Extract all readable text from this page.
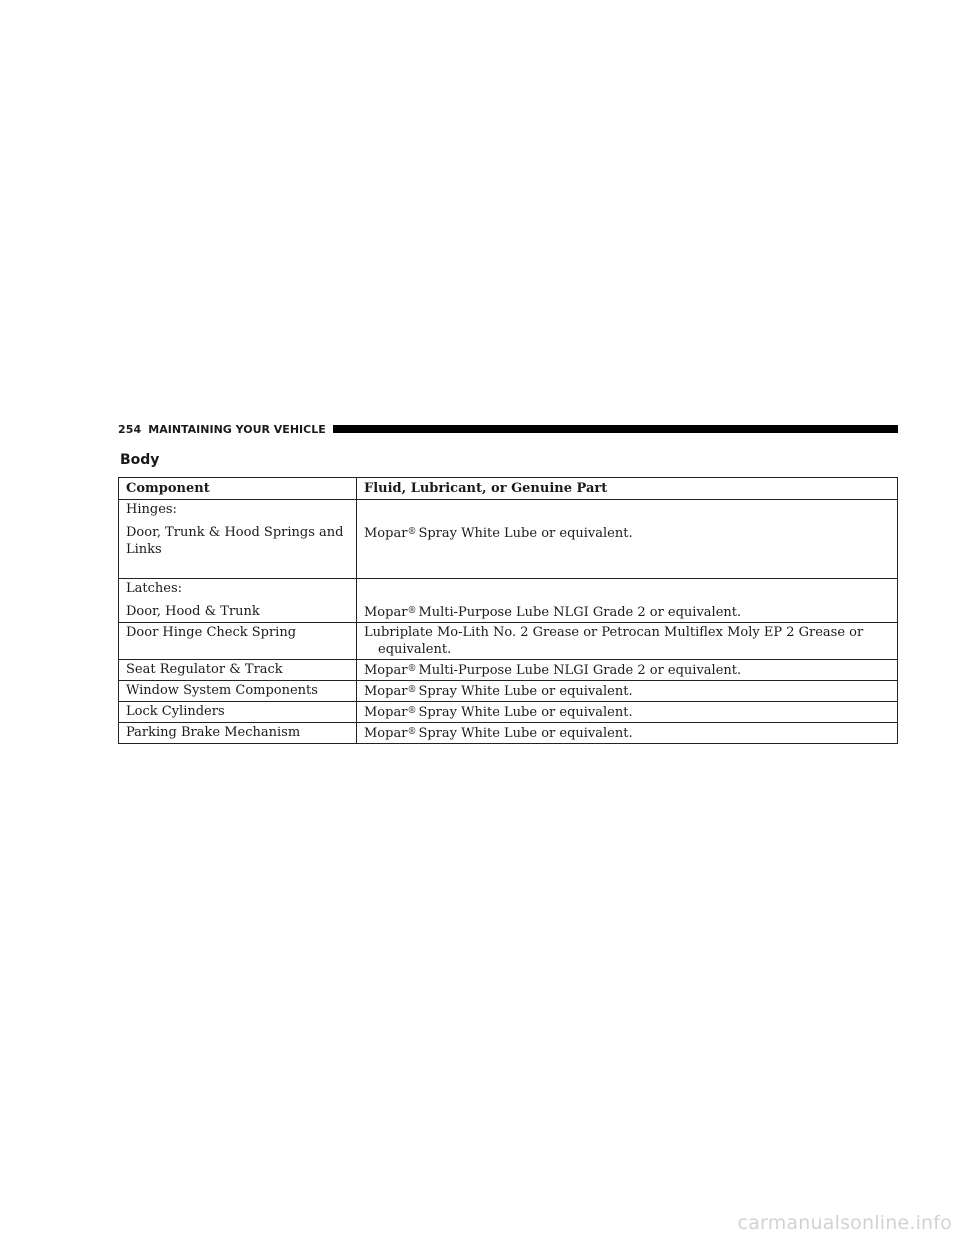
254 MAINTAINING YOUR VEHICLE
Body
Component	Fluid, Lubricant, or Genuine Part

Hinges:
Door, Trunk & Hood Springs and Links	Mopar® Spray White Lube or equivalent.

Latches:
Door, Hood & Trunk	Mopar® Multi-Purpose Lube NLGI Grade 2 or equivalent.
Door Hinge Check Spring	Lubriplate Mo-Lith No. 2 Grease or Petrocan Multiflex Moly EP 2 Grease or
equivalent.

Seat Regulator & Track	Mopar® Multi-Purpose Lube NLGI Grade 2 or equivalent.
Window System Components	Mopar® Spray White Lube or equivalent.
Lock Cylinders	Mopar® Spray White Lube or equivalent.
Parking Brake Mechanism	Mopar® Spray White Lube or equivalent.
carmanualsonline.info
